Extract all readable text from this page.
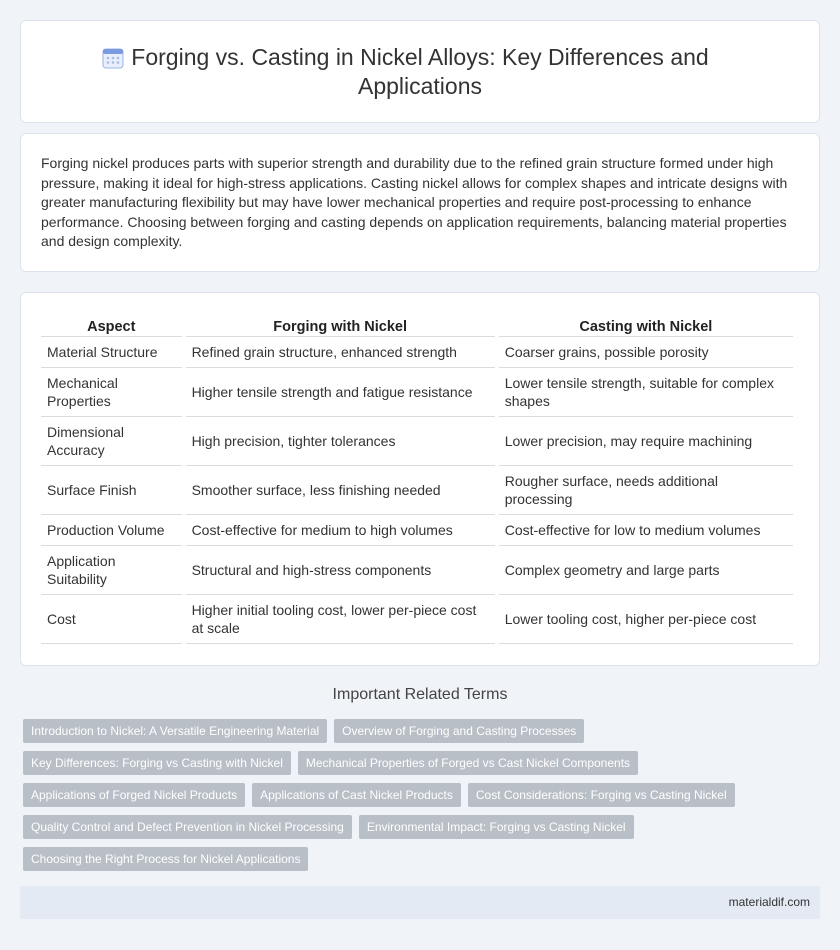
Forging vs. Casting in Nickel Alloys: Key Differences and Applications

Forging nickel produces parts with superior strength and durability due to the refined grain structure formed under high pressure, making it ideal for high-stress applications. Casting nickel allows for complex shapes and intricate designs with greater manufacturing flexibility but may have lower mechanical properties and require post-processing to enhance performance. Choosing between forging and casting depends on application requirements, balancing material properties and design complexity.

Aspect	Forging with Nickel	Casting with Nickel
Material Structure	Refined grain structure, enhanced strength	Coarser grains, possible porosity
Mechanical Properties	Higher tensile strength and fatigue resistance	Lower tensile strength, suitable for complex shapes
Dimensional Accuracy	High precision, tighter tolerances	Lower precision, may require machining
Surface Finish	Smoother surface, less finishing needed	Rougher surface, needs additional processing
Production Volume	Cost-effective for medium to high volumes	Cost-effective for low to medium volumes
Application Suitability	Structural and high-stress components	Complex geometry and large parts
Cost	Higher initial tooling cost, lower per-piece cost at scale	Lower tooling cost, higher per-piece cost
Important Related Terms
Introduction to Nickel: A Versatile Engineering Material	Overview of Forging and Casting Processes
Key Differences: Forging vs Casting with Nickel	Mechanical Properties of Forged vs Cast Nickel Components
Applications of Forged Nickel Products	Applications of Cast Nickel Products	Cost Considerations: Forging vs Casting Nickel
Quality Control and Defect Prevention in Nickel Processing	Environmental Impact: Forging vs Casting Nickel
Choosing the Right Process for Nickel Applications
materialdif.com
